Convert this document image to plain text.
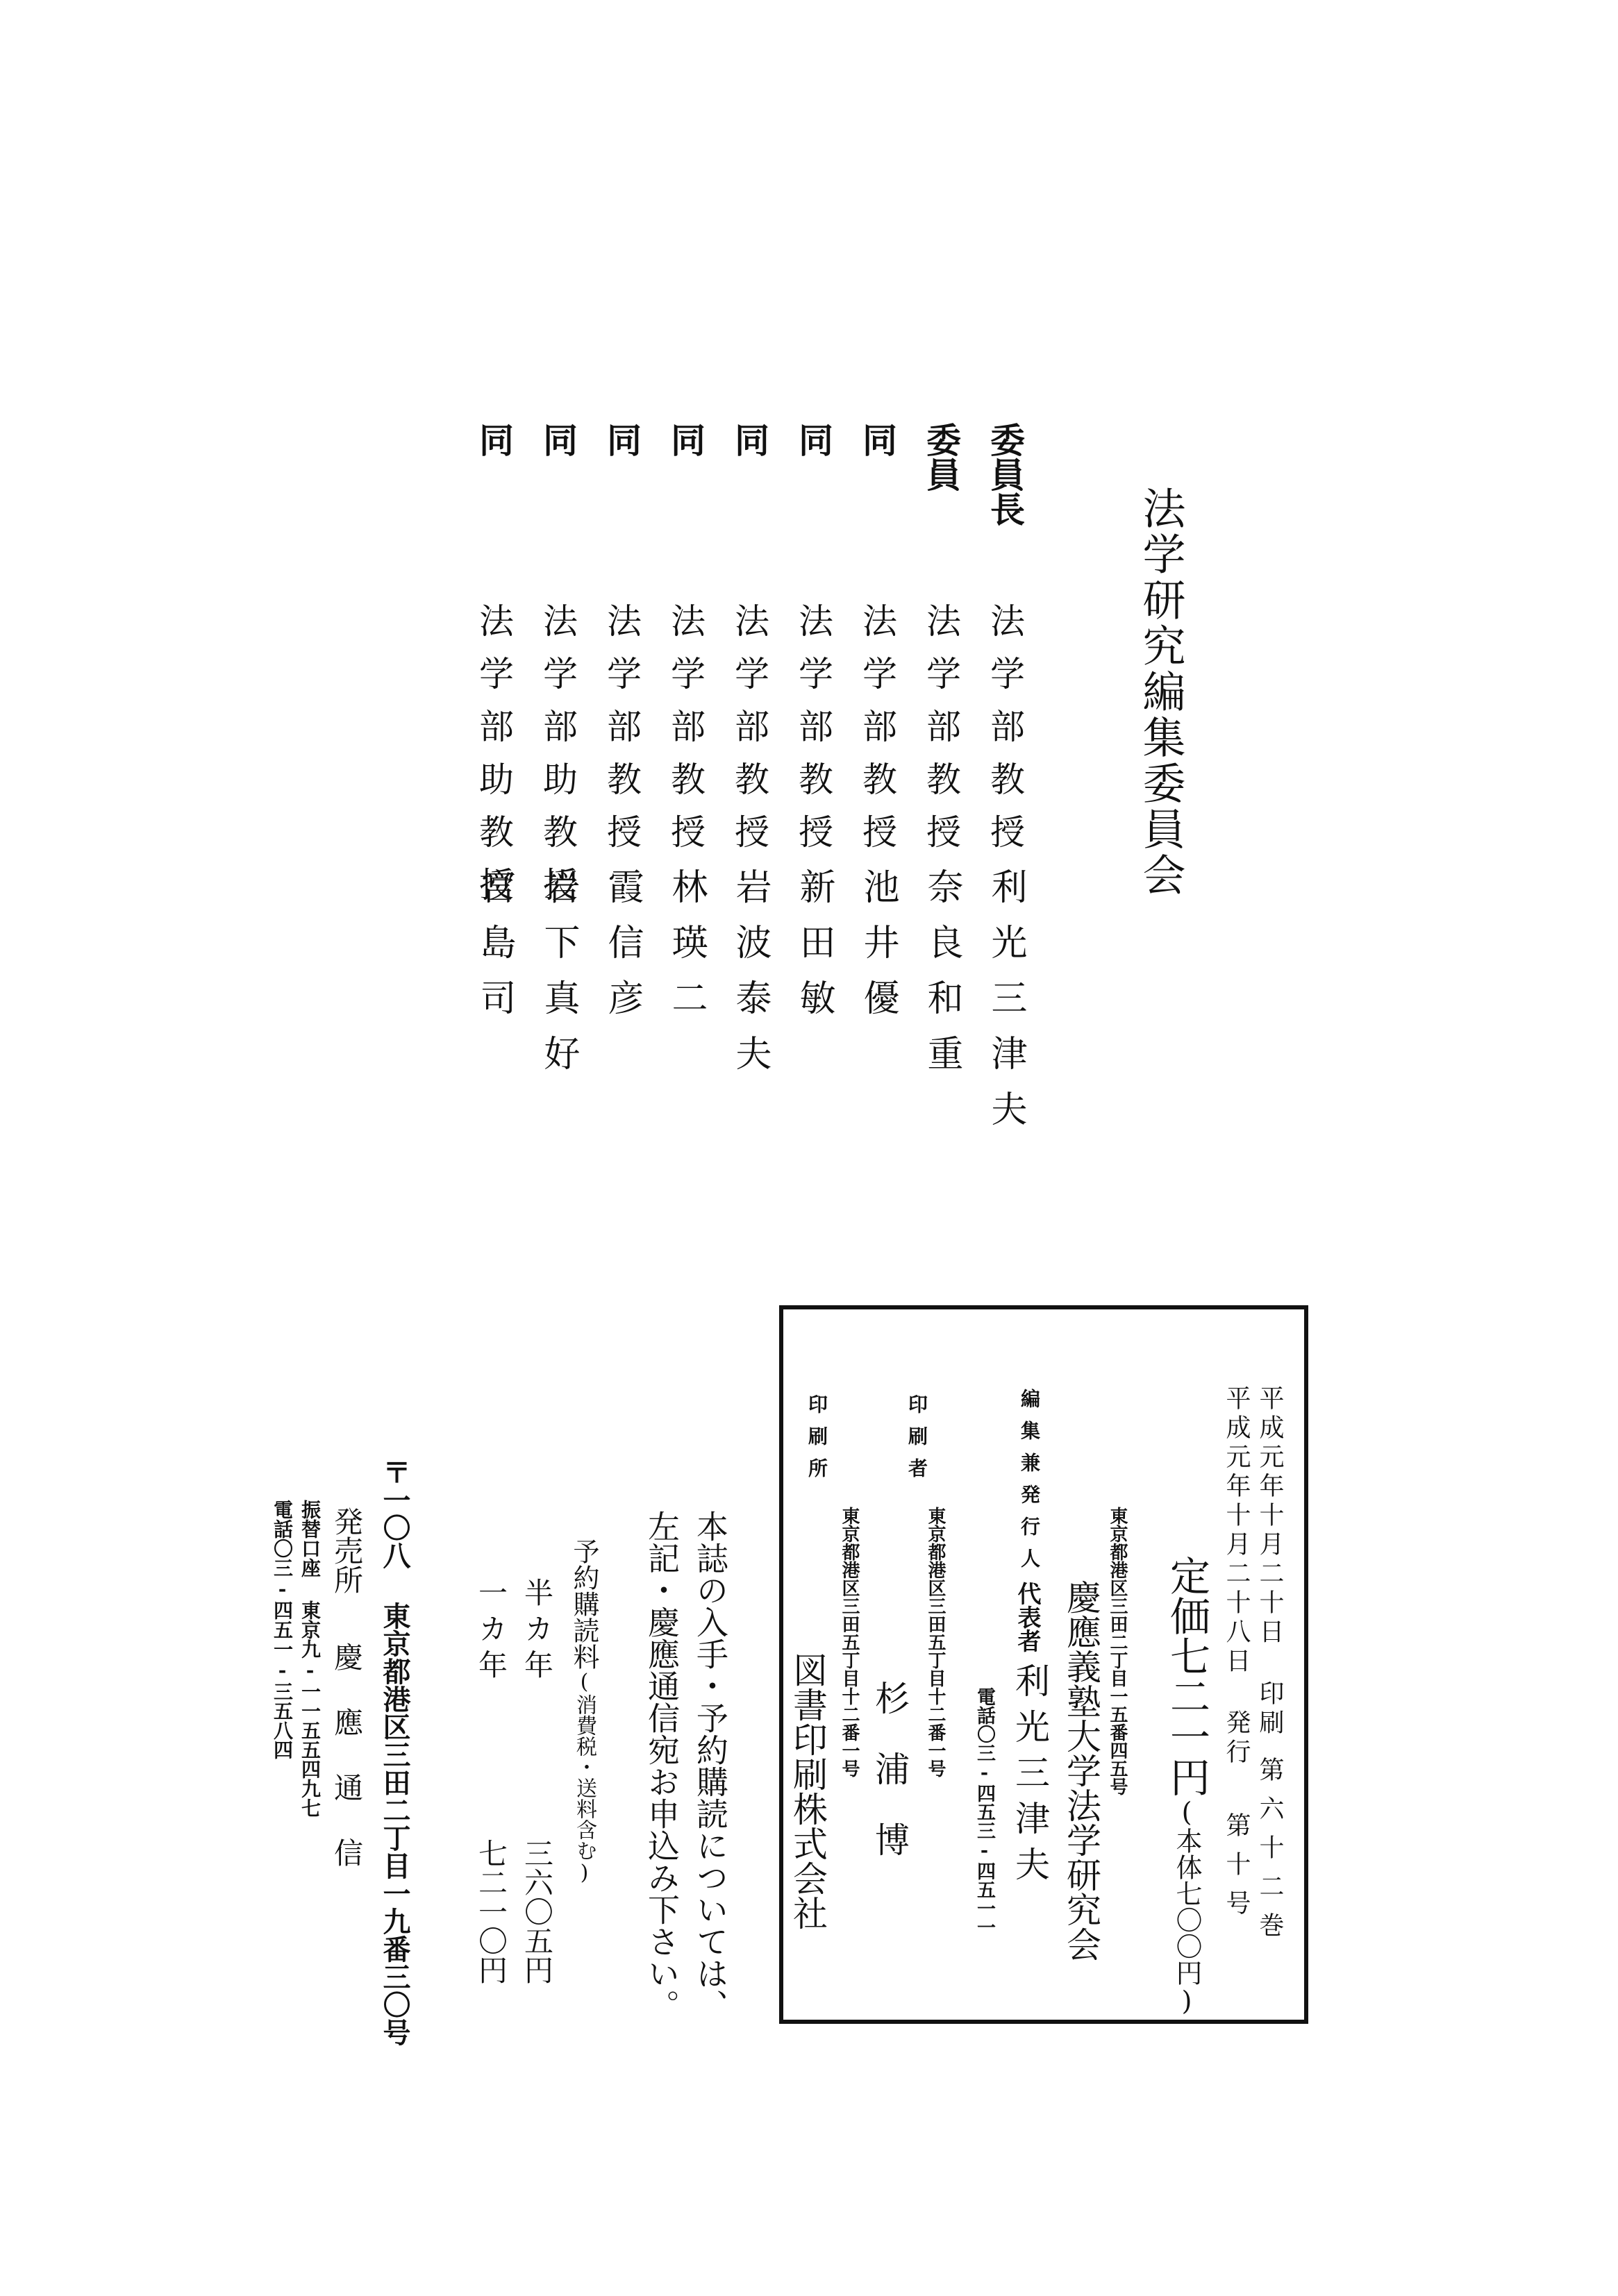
法学研究編集委員会
委員長
法学部教授
利光三津夫
委員
法学部教授
奈良和重
同
法学部教授
池井優
同
法学部教授
新田敏
同
法学部教授
岩波泰夫
同
法学部教授
林瑛二
同
法学部教授
霞信彦
同
法学部助教授
岩下真好
同
法学部助教授
宮島司
平成元年十月二十日 印刷
平成元年十月二十八日 発行
第六十二巻
第十号
定価七二一円(本体七〇〇円)
東京都港区三田二丁目一五番四五号
慶應義塾大学法学研究会
編集兼発行人
代表者
利光三津夫
電話〇三-四五三-四五一一
印刷者
東京都港区三田五丁目十二番一号
杉浦博
印刷所
東京都港区三田五丁目十二番一号
図書印刷株式会社
本誌の入手・予約購読については、
左記・慶應通信宛お申込み下さい。
予約購読料(消費税・送料含む)
半カ年
三六〇五円
一カ年
七二一〇円
〒一〇八 東京都港区三田二丁目一九番三〇号
発売所
慶應通信
振替口座 東京九-一一五五四九七
電話〇三-四五一-三五八四
